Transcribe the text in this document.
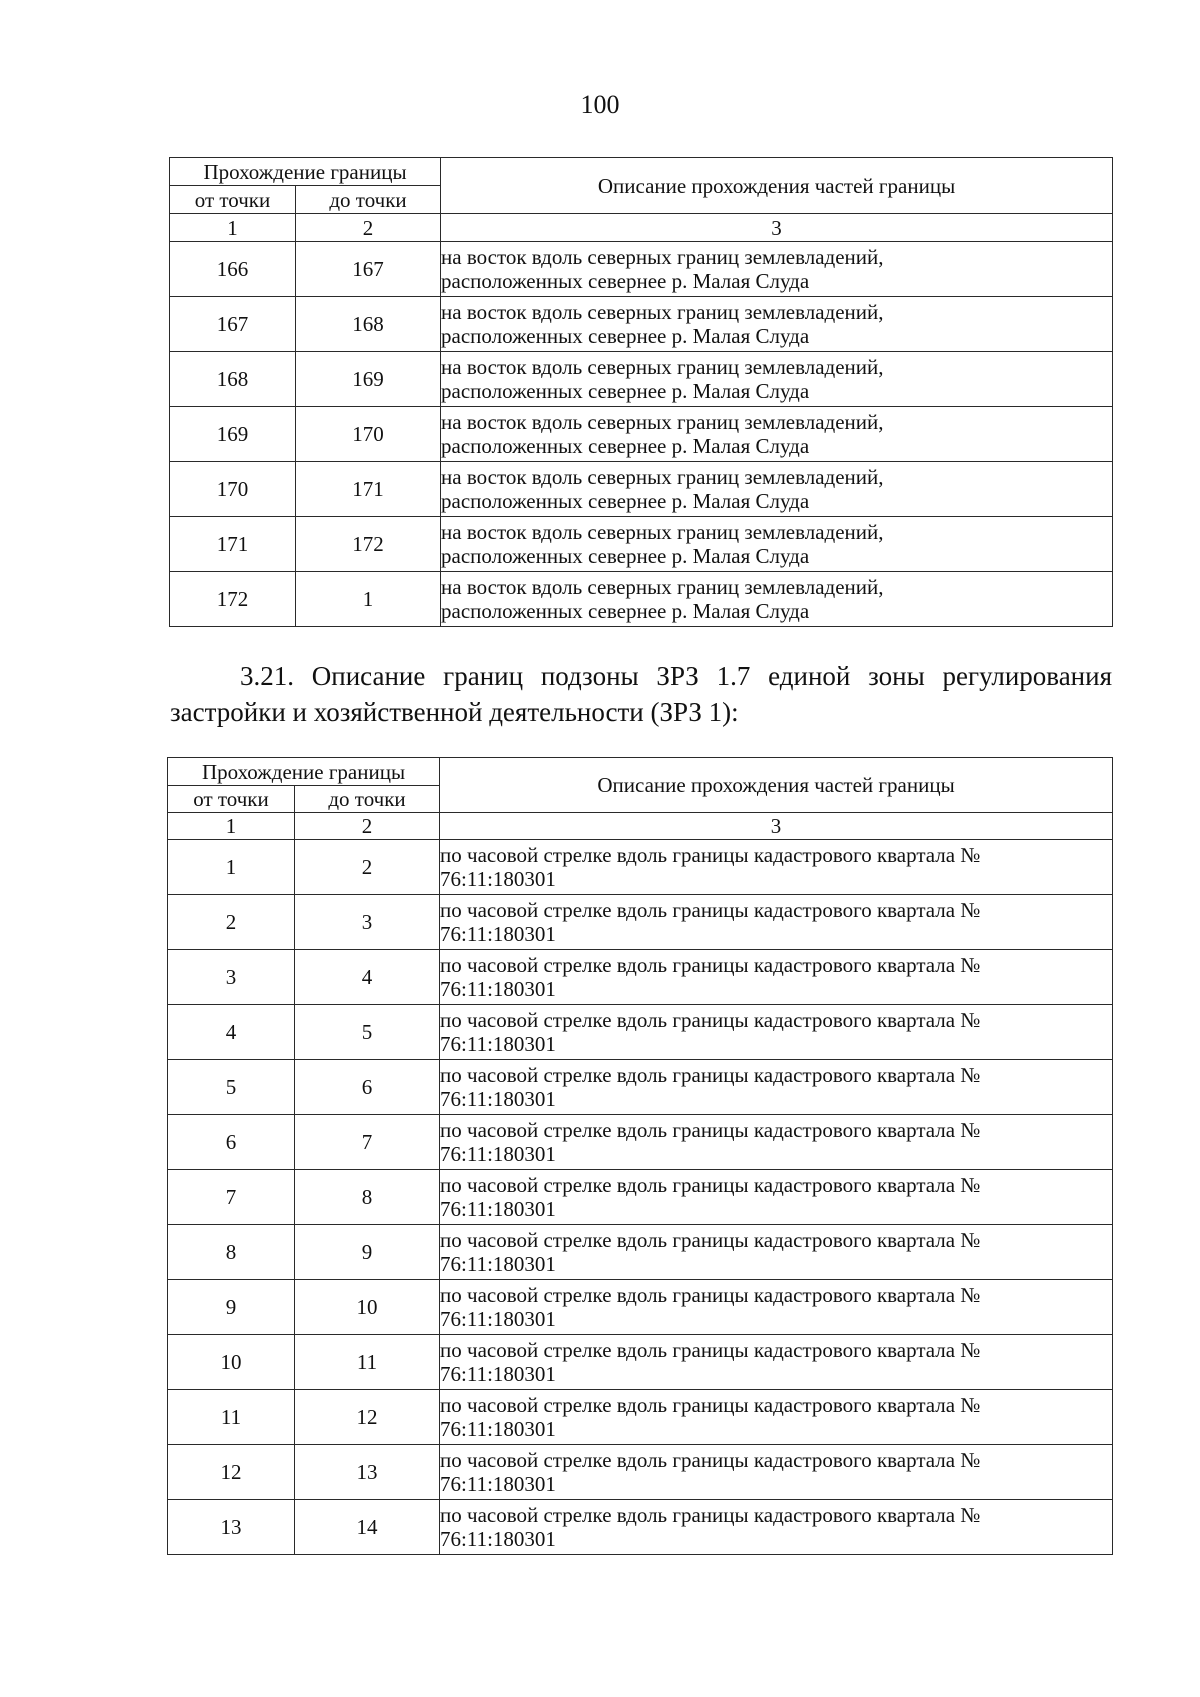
100
Прохождение границы		Описание прохождения частей границы
от точки	до точки	
1	2	3
166	167	на восток вдоль северных границ землевладений,
расположенных севернее р. Малая Слуда

167	168	на восток вдоль северных границ землевладений,
расположенных севернее р. Малая Слуда

168	169	на восток вдоль северных границ землевладений,
расположенных севернее р. Малая Слуда

169	170	на восток вдоль северных границ землевладений,
расположенных севернее р. Малая Слуда

170	171	на восток вдоль северных границ землевладений,
расположенных севернее р. Малая Слуда

171	172	на восток вдоль северных границ землевладений,
расположенных севернее р. Малая Слуда

172	1	на восток вдоль северных границ землевладений,
расположенных севернее р. Малая Слуда
3.21. Описание границ подзоны ЗРЗ 1.7 единой зоны регулирования
застройки и хозяйственной деятельности (ЗРЗ 1):
Прохождение границы		Описание прохождения частей границы
от точки	до точки	
1	2	3
1	2	по часовой стрелке вдоль границы кадастрового квартала №
76:11:180301

2	3	по часовой стрелке вдоль границы кадастрового квартала №
76:11:180301

3	4	по часовой стрелке вдоль границы кадастрового квартала №
76:11:180301

4	5	по часовой стрелке вдоль границы кадастрового квартала №
76:11:180301

5	6	по часовой стрелке вдоль границы кадастрового квартала №
76:11:180301

6	7	по часовой стрелке вдоль границы кадастрового квартала №
76:11:180301

7	8	по часовой стрелке вдоль границы кадастрового квартала №
76:11:180301

8	9	по часовой стрелке вдоль границы кадастрового квартала №
76:11:180301

9	10	по часовой стрелке вдоль границы кадастрового квартала №
76:11:180301

10	11	по часовой стрелке вдоль границы кадастрового квартала №
76:11:180301

11	12	по часовой стрелке вдоль границы кадастрового квартала №
76:11:180301

12	13	по часовой стрелке вдоль границы кадастрового квартала №
76:11:180301

13	14	по часовой стрелке вдоль границы кадастрового квартала №
76:11:180301
